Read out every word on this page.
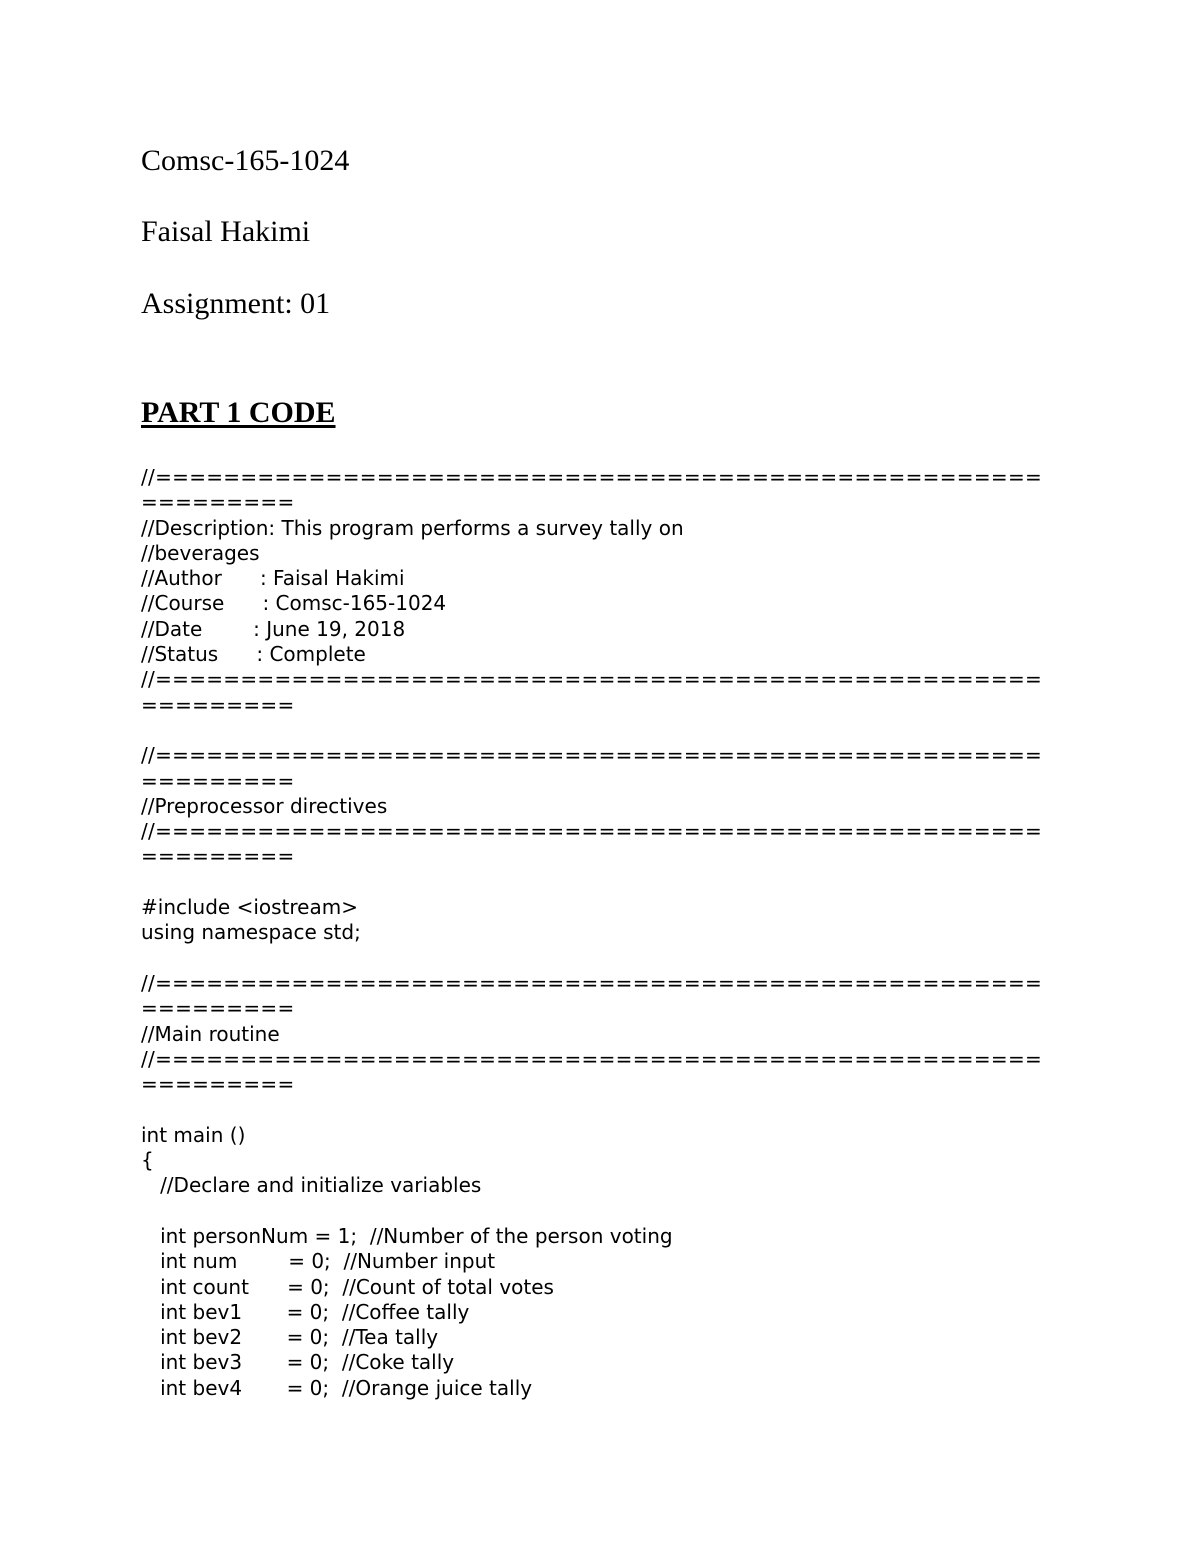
Comsc-165-1024

Faisal Hakimi

Assignment: 01

PART 1 CODE

//====================================================
=========
//Description: This program performs a survey tally on
//beverages
//Author      : Faisal Hakimi
//Course      : Comsc-165-1024
//Date        : June 19, 2018
//Status      : Complete
//====================================================
=========
//====================================================
=========
//Preprocessor directives
//====================================================
=========
#include <iostream>
using namespace std;
//====================================================
=========
//Main routine
//====================================================
=========
int main ()
{
//Declare and initialize variables
int personNum = 1;  //Number of the person voting
int num        = 0;  //Number input
int count      = 0;  //Count of total votes
int bev1       = 0;  //Coffee tally
int bev2       = 0;  //Tea tally
int bev3       = 0;  //Coke tally
int bev4       = 0;  //Orange juice tally
